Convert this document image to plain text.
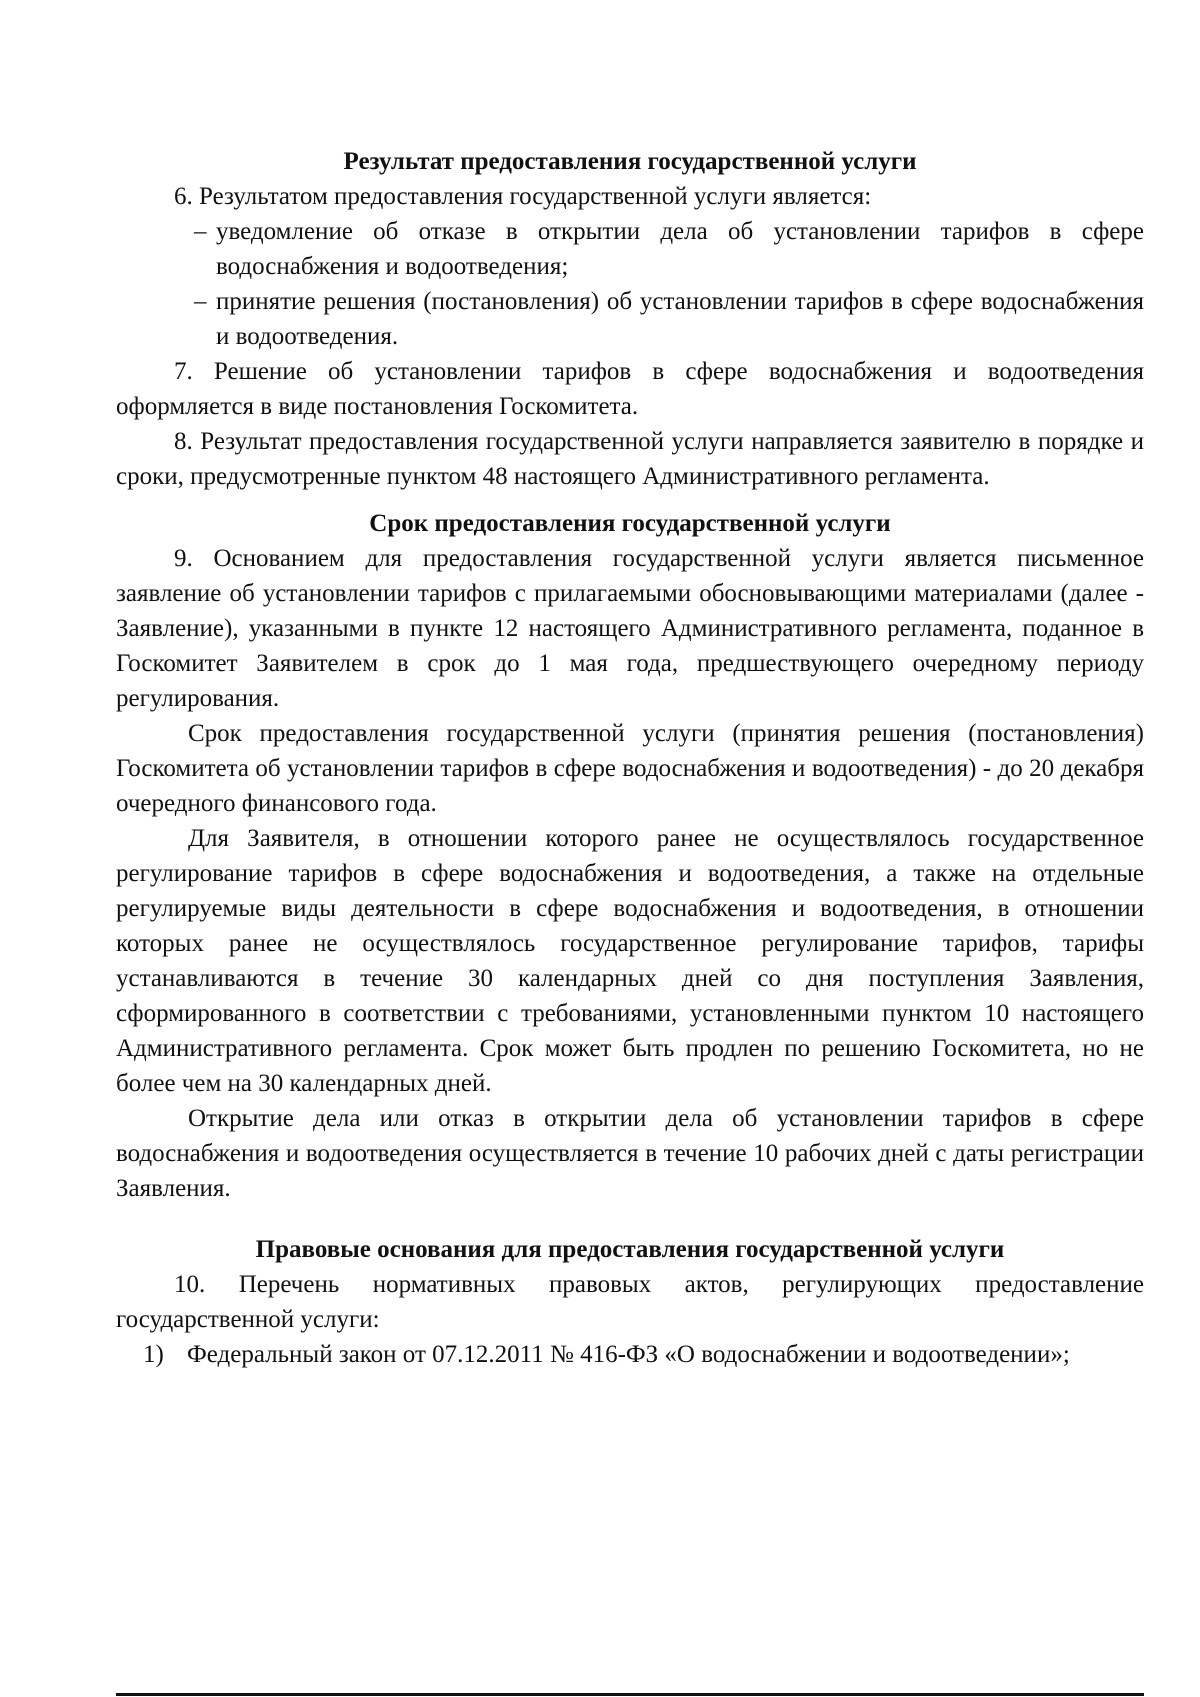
Результат предоставления государственной услуги

6. Результатом предоставления государственной услуги является:

– уведомление об отказе в открытии дела об установлении тарифов в сфере водоснабжения и водоотведения;

– принятие решения (постановления) об установлении тарифов в сфере водоснабжения и водоотведения.

7. Решение об установлении тарифов в сфере водоснабжения и водоотведения оформляется в виде постановления Госкомитета.

8. Результат предоставления государственной услуги направляется заявителю в порядке и сроки, предусмотренные пунктом 48 настоящего Административного регламента.

Срок предоставления государственной услуги

9. Основанием для предоставления государственной услуги является письменное заявление об установлении тарифов с прилагаемыми обосновывающими материалами (далее - Заявление), указанными в пункте 12 настоящего Административного регламента, поданное в Госкомитет Заявителем в срок до 1 мая года, предшествующего очередному периоду регулирования.

Срок предоставления государственной услуги (принятия решения (постановления) Госкомитета об установлении тарифов в сфере водоснабжения и водоотведения) - до 20 декабря очередного финансового года.

Для Заявителя, в отношении которого ранее не осуществлялось государственное регулирование тарифов в сфере водоснабжения и водоотведения, а также на отдельные регулируемые виды деятельности в сфере водоснабжения и водоотведения, в отношении которых ранее не осуществлялось государственное регулирование тарифов, тарифы устанавливаются в течение 30 календарных дней со дня поступления Заявления, сформированного в соответствии с требованиями, установленными пунктом 10 настоящего Административного регламента. Срок может быть продлен по решению Госкомитета, но не более чем на 30 календарных дней.

Открытие дела или отказ в открытии дела об установлении тарифов в сфере водоснабжения и водоотведения осуществляется в течение 10 рабочих дней с даты регистрации Заявления.

Правовые основания для предоставления государственной услуги

10. Перечень нормативных правовых актов, регулирующих предоставление государственной услуги:

1) Федеральный закон от 07.12.2011 № 416-ФЗ «О водоснабжении и водоотведении»;
